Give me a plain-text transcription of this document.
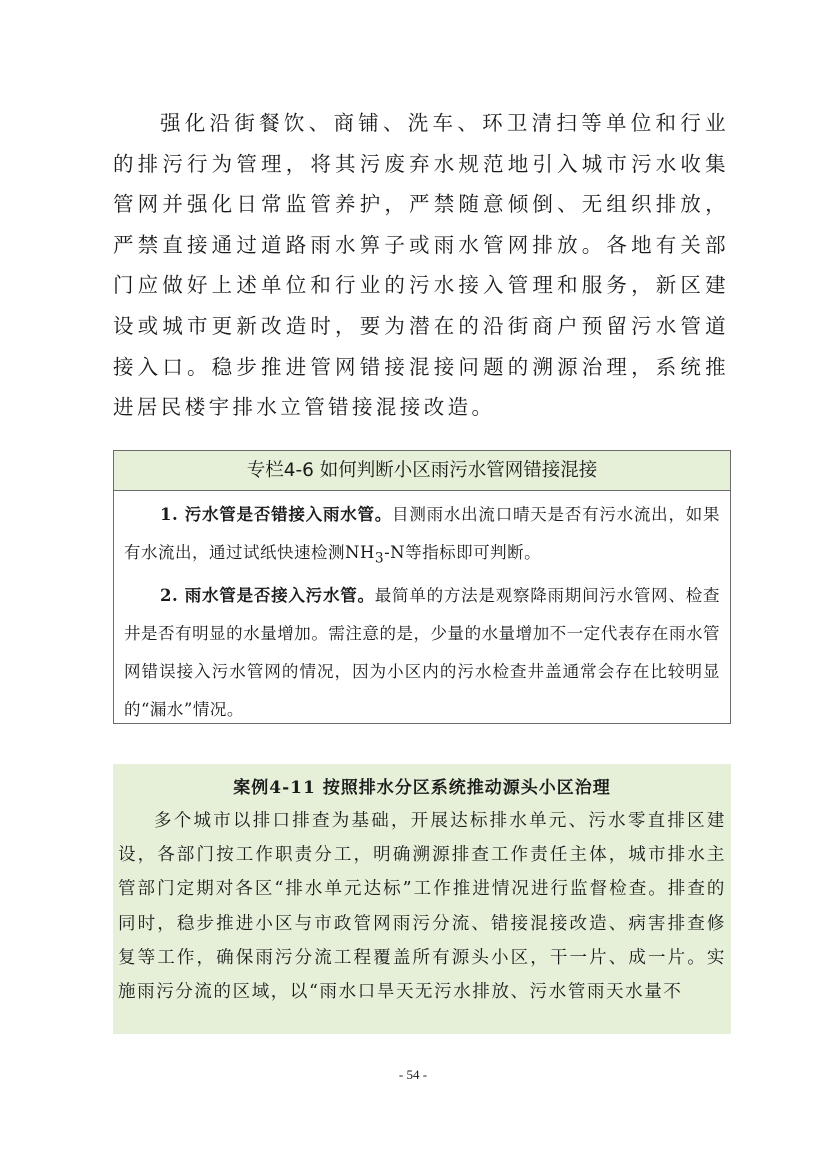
强化沿街餐饮、商铺、洗车、环卫清扫等单位和行业的排污行为管理，将其污废弃水规范地引入城市污水收集管网并强化日常监管养护，严禁随意倾倒、无组织排放，严禁直接通过道路雨水箅子或雨水管网排放。各地有关部门应做好上述单位和行业的污水接入管理和服务，新区建设或城市更新改造时，要为潜在的沿街商户预留污水管道接入口。稳步推进管网错接混接问题的溯源治理，系统推进居民楼宇排水立管错接混接改造。

专栏4-6 如何判断小区雨污水管网错接混接

1. 污水管是否错接入雨水管。目测雨水出流口晴天是否有污水流出，如果有水流出，通过试纸快速检测$NH_3-N$等指标即可判断。

2. 雨水管是否接入污水管。最简单的方法是观察降雨期间污水管网、检查井是否有明显的水量增加。需注意的是，少量的水量增加不一定代表存在雨水管网错误接入污水管网的情况，因为小区内的污水检查井盖通常会存在比较明显的“漏水”情况。

案例4-11 按照排水分区系统推动源头小区治理

多个城市以排口排查为基础，开展达标排水单元、污水零直排区建设，各部门按工作职责分工，明确溯源排查工作责任主体，城市排水主管部门定期对各区“排水单元达标”工作推进情况进行监督检查。排查的同时，稳步推进小区与市政管网雨污分流、错接混接改造、病害排查修复等工作，确保雨污分流工程覆盖所有源头小区，干一片、成一片。实施雨污分流的区域，以“雨水口旱天无污水排放、污水管雨天水量不

- 54 -
